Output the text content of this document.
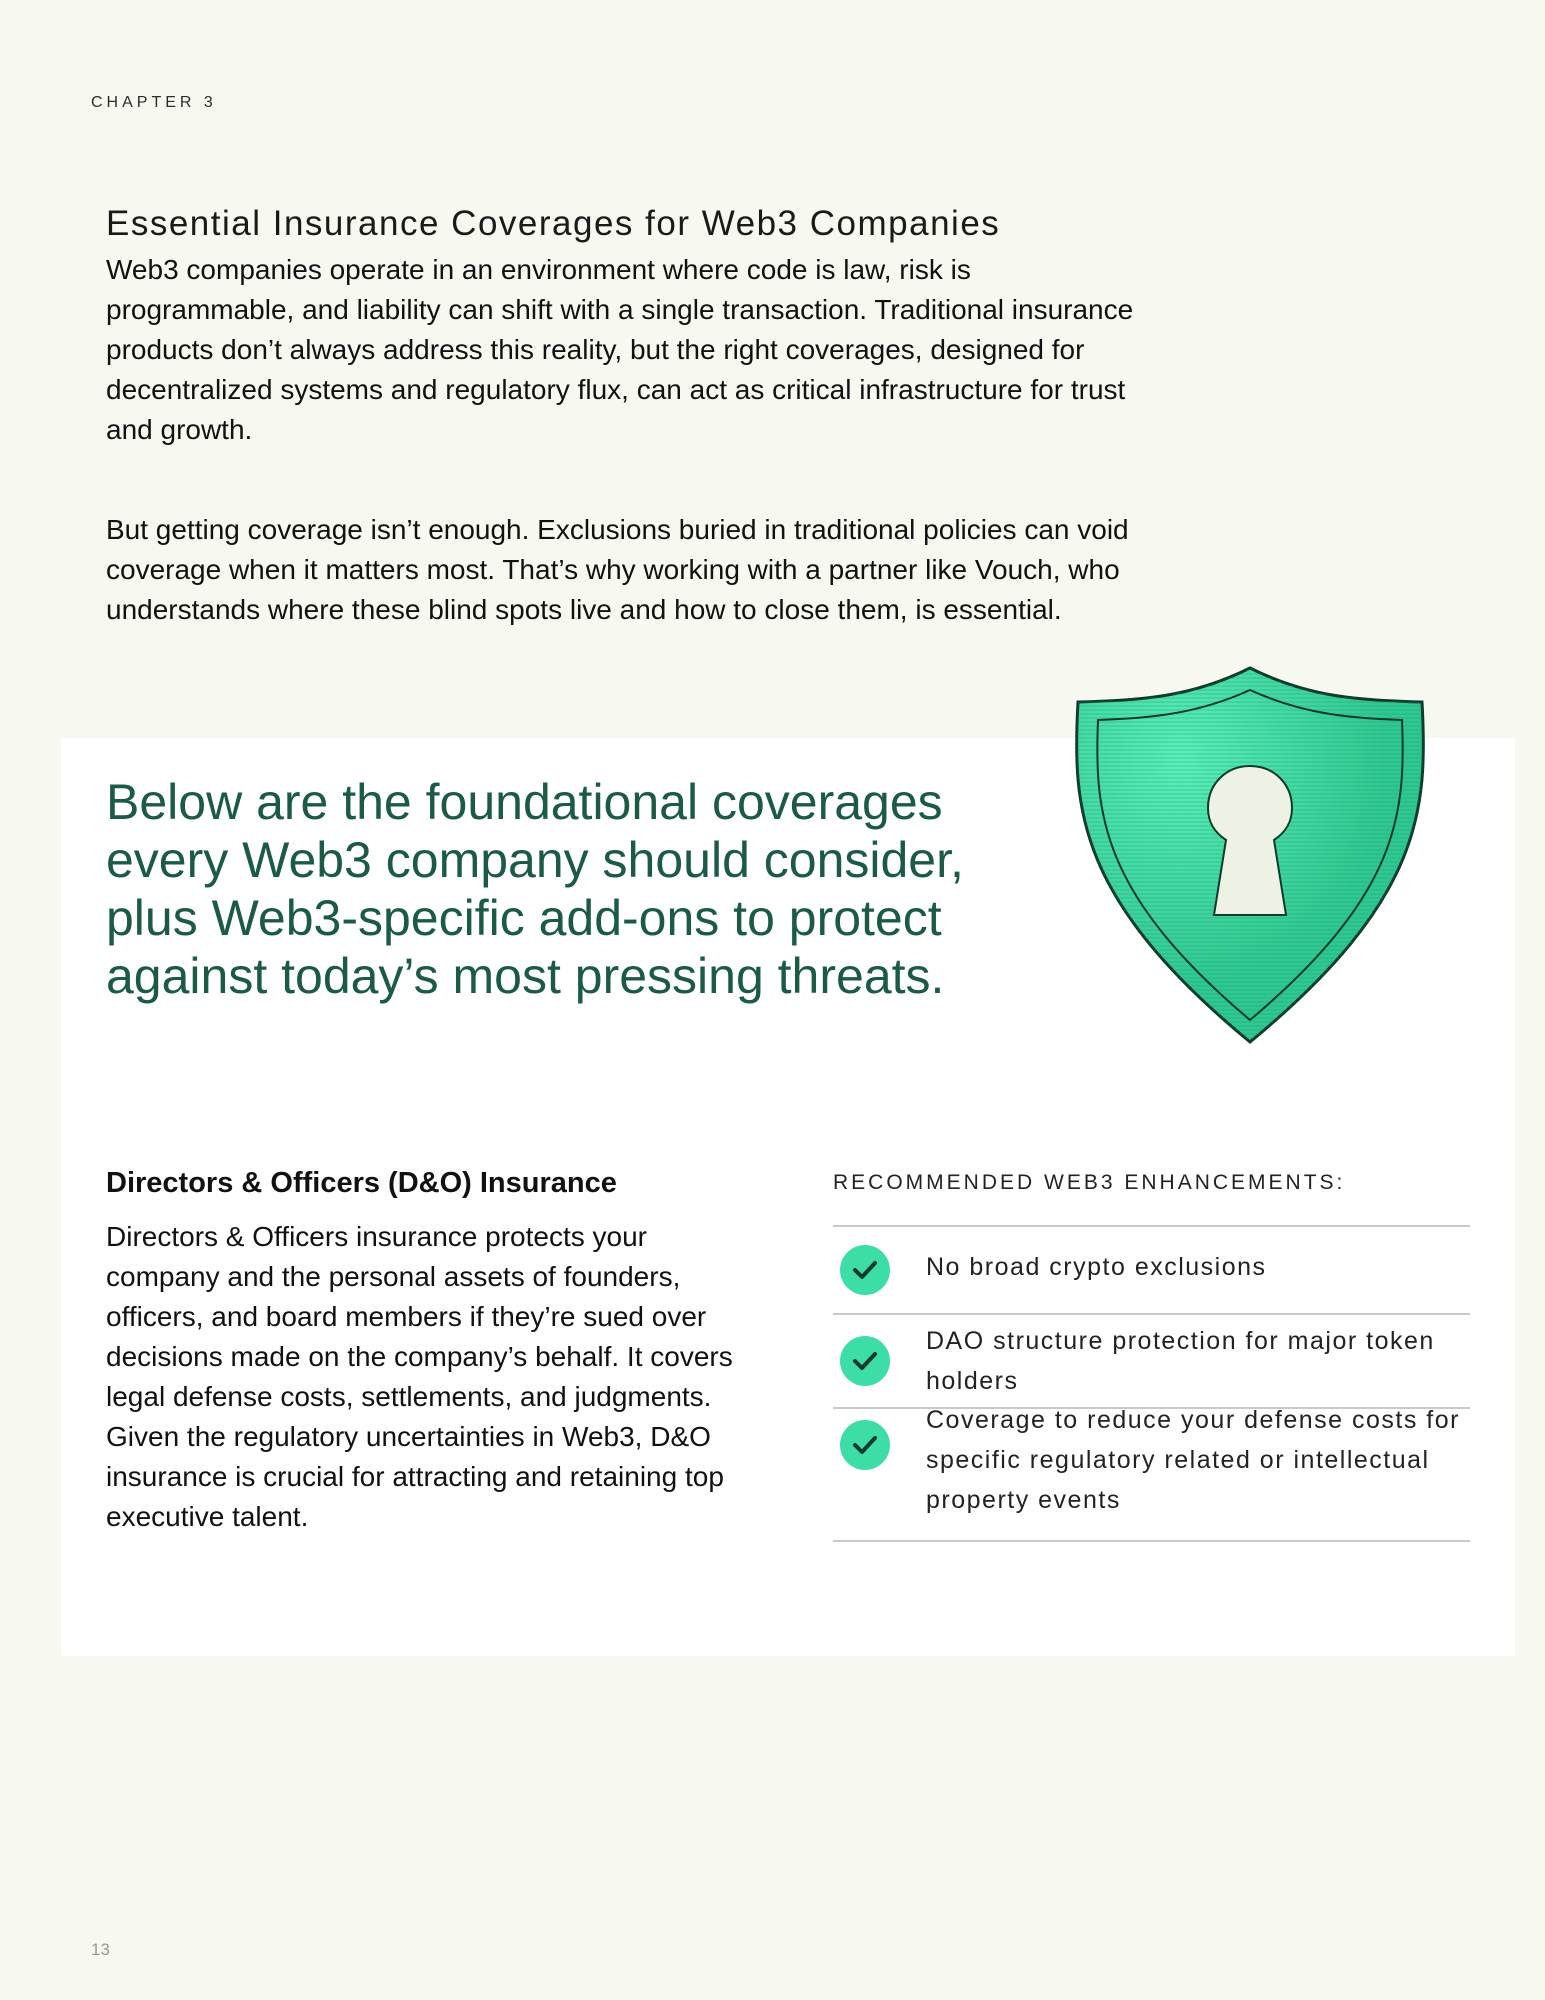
CHAPTER 3
Essential Insurance Coverages for Web3 Companies

Web3 companies operate in an environment where code is law, risk is programmable, and liability can shift with a single transaction. Traditional insurance products don’t always address this reality, but the right coverages, designed for decentralized systems and regulatory flux, can act as critical infrastructure for trust and growth.

But getting coverage isn’t enough. Exclusions buried in traditional policies can void coverage when it matters most. That’s why working with a partner like Vouch, who understands where these blind spots live and how to close them, is essential.

Below are the foundational coverages every Web3 company should consider, plus Web3-specific add-ons to protect against today’s most pressing threats.
Directors & Officers (D&O) Insurance

Directors & Officers insurance protects your company and the personal assets of founders, officers, and board members if they’re sued over decisions made on the company’s behalf. It covers legal defense costs, settlements, and judgments. Given the regulatory uncertainties in Web3, D&O insurance is crucial for attracting and retaining top executive talent.

RECOMMENDED WEB3 ENHANCEMENTS:
No broad crypto exclusions
DAO structure protection for major token holders
Coverage to reduce your defense costs for specific regulatory related or intellectual property events
13
